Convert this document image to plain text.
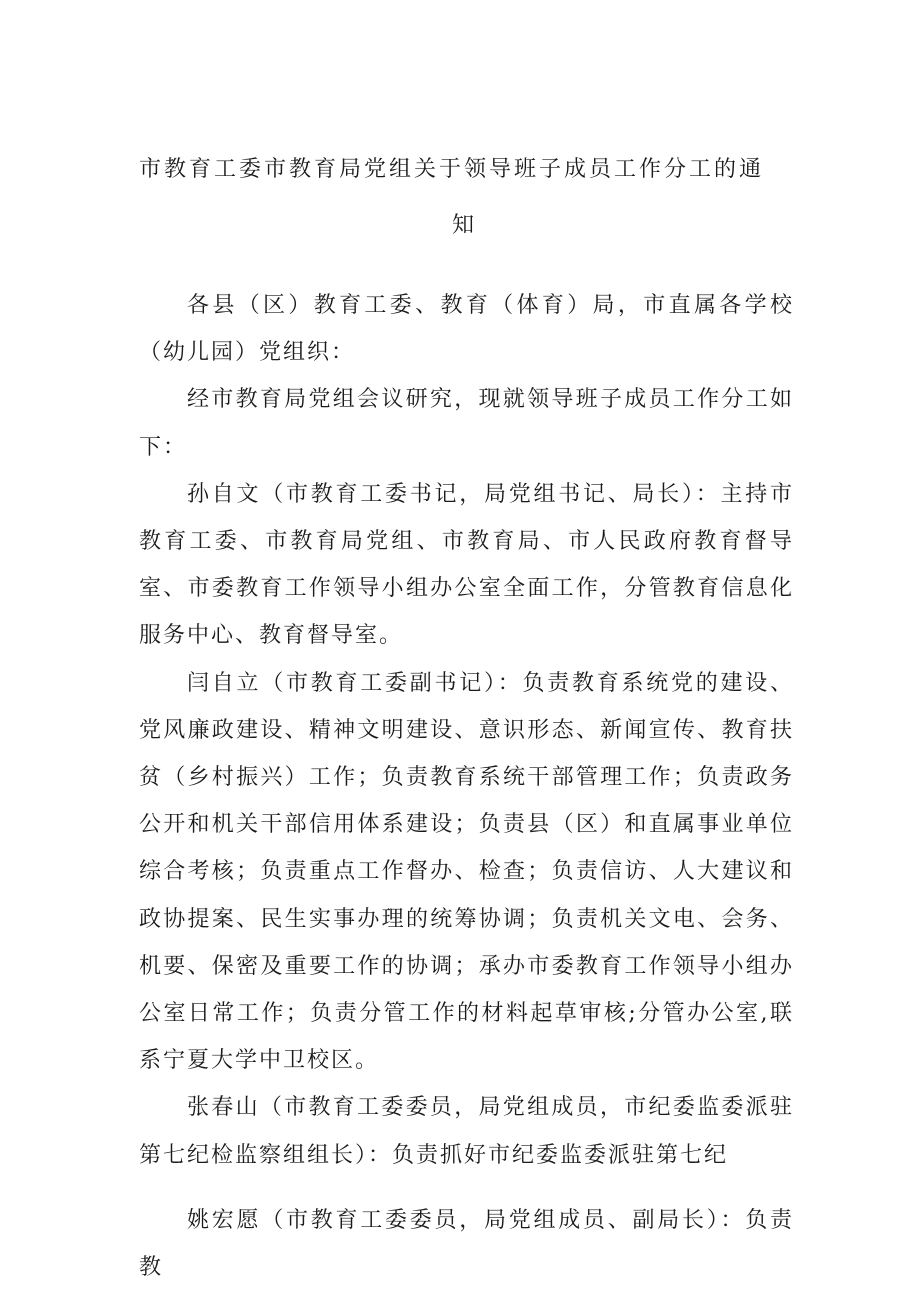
市教育工委市教育局党组关于领导班子成员工作分工的通
知

各县（区）教育工委、教育（体育）局，市直属各学校（幼儿园）党组织：

经市教育局党组会议研究，现就领导班子成员工作分工如下：

孙自文（市教育工委书记，局党组书记、局长）：主持市教育工委、市教育局党组、市教育局、市人民政府教育督导室、市委教育工作领导小组办公室全面工作，分管教育信息化服务中心、教育督导室。

闫自立（市教育工委副书记）：负责教育系统党的建设、党风廉政建设、精神文明建设、意识形态、新闻宣传、教育扶贫（乡村振兴）工作；负责教育系统干部管理工作；负责政务公开和机关干部信用体系建设；负责县（区）和直属事业单位综合考核；负责重点工作督办、检查；负责信访、人大建议和政协提案、民生实事办理的统筹协调；负责机关文电、会务、机要、保密及重要工作的协调；承办市委教育工作领导小组办公室日常工作；负责分管工作的材料起草审核;分管办公室,联系宁夏大学中卫校区。

张春山（市教育工委委员，局党组成员，市纪委监委派驻第七纪检监察组组长）：负责抓好市纪委监委派驻第七纪

姚宏愿（市教育工委委员，局党组成员、副局长）：负责教
